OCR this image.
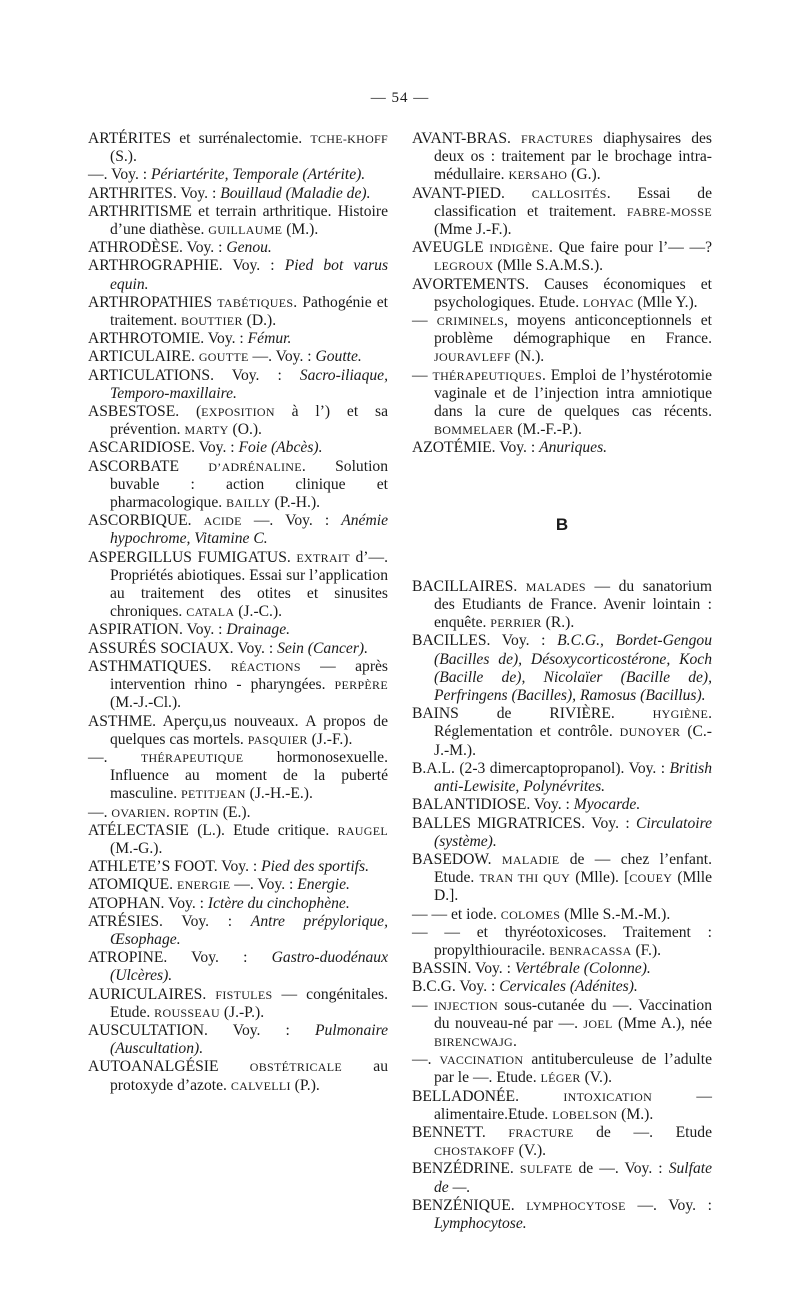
— 54 —

ARTÉRITES et surrénalectomie. TCHE-KHOFF (S.).

—. Voy. : Périartérite, Temporale (Artérite).

ARTHRITES. Voy. : Bouillaud (Maladie de).

ARTHRITISME et terrain arthritique. Histoire d’une diathèse. GUILLAUME (M.).

ATHRODÈSE. Voy. : Genou.

ARTHROGRAPHIE. Voy. : Pied bot varus equin.

ARTHROPATHIES TABÉTIQUES. Pathogénie et traitement. BOUTTIER (D.).

ARTHROTOMIE. Voy. : Fémur.

ARTICULAIRE. GOUTTE —. Voy. : Goutte.

ARTICULATIONS. Voy. : Sacro-iliaque, Temporo-maxillaire.

ASBESTOSE. (EXPOSITION à l’) et sa prévention. MARTY (O.).

ASCARIDIOSE. Voy. : Foie (Abcès).

ASCORBATE D’ADRÉNALINE. Solution buvable : action clinique et pharmacologique. BAILLY (P.-H.).

ASCORBIQUE. ACIDE —. Voy. : Anémie hypochrome, Vitamine C.

ASPERGILLUS FUMIGATUS. EXTRAIT d’—. Propriétés abiotiques. Essai sur l’application au traitement des otites et sinusites chroniques. CATALA (J.-C.).

ASPIRATION. Voy. : Drainage.

ASSURÉS SOCIAUX. Voy. : Sein (Cancer).

ASTHMATIQUES. RÉACTIONS — après intervention rhino - pharyngées. PERPÈRE (M.-J.-Cl.).

ASTHME. Aperçu,us nouveaux. A propos de quelques cas mortels. PASQUIER (J.-F.).

—. THÉRAPEUTIQUE hormonosexuelle. Influence au moment de la puberté masculine. PETITJEAN (J.-H.-E.).

—. OVARIEN. ROPTIN (E.).

ATÉLECTASIE (L.). Etude critique. RAUGEL (M.-G.).

ATHLETE’S FOOT. Voy. : Pied des sportifs.

ATOMIQUE. ENERGIE —. Voy. : Energie.

ATOPHAN. Voy. : Ictère du cinchophène.

ATRÉSIES. Voy. : Antre prépylorique, Œsophage.

ATROPINE. Voy. : Gastro-duodénaux (Ulcères).

AURICULAIRES. FISTULES — congénitales. Etude. ROUSSEAU (J.-P.).

AUSCULTATION. Voy. : Pulmonaire (Auscultation).

AUTOANALGÉSIE OBSTÉTRICALE au protoxyde d’azote. CALVELLI (P.).

AVANT-BRAS. FRACTURES diaphysaires des deux os : traitement par le brochage intra-médullaire. KERSAHO (G.).

AVANT-PIED. CALLOSITÉS. Essai de classification et traitement. FABRE-MOSSE (Mme J.-F.).

AVEUGLE INDIGÈNE. Que faire pour l’— —? LEGROUX (Mlle S.A.M.S.).

AVORTEMENTS. Causes économiques et psychologiques. Etude. LOHYAC (Mlle Y.).

— CRIMINELS, moyens anticonceptionnels et problème démographique en France. JOURAVLEFF (N.).

— THÉRAPEUTIQUES. Emploi de l’hystérotomie vaginale et de l’injection intra amniotique dans la cure de quelques cas récents. BOMMELAER (M.-F.-P.).

AZOTÉMIE. Voy. : Anuriques.

B

BACILLAIRES. MALADES — du sanatorium des Etudiants de France. Avenir lointain : enquête. PERRIER (R.).

BACILLES. Voy. : B.C.G., Bordet-Gengou (Bacilles de), Désoxycorticostérone, Koch (Bacille de), Nicolaïer (Bacille de), Perfringens (Bacilles), Ramosus (Bacillus).

BAINS de RIVIÈRE. HYGIÈNE. Réglementation et contrôle. DUNOYER (C.-J.-M.).

B.A.L. (2-3 dimercaptopropanol). Voy. : British anti-Lewisite, Polynévrites.

BALANTIDIOSE. Voy. : Myocarde.

BALLES MIGRATRICES. Voy. : Circulatoire (système).

BASEDOW. MALADIE de — chez l’enfant. Etude. TRAN THI QUY (Mlle). [COUEY (Mlle D.].

— — et iode. COLOMES (Mlle S.-M.-M.).

— — et thyréotoxicoses. Traitement : propylthiouracile. BENRACASSA (F.).

BASSIN. Voy. : Vertébrale (Colonne).

B.C.G. Voy. : Cervicales (Adénites).

— INJECTION sous-cutanée du —. Vaccination du nouveau-né par —. JOEL (Mme A.), née BIRENCWAJG.

—. VACCINATION antituberculeuse de l’adulte par le —. Etude. LÉGER (V.).

BELLADONÉE. INTOXICATION — alimentaire.Etude. LOBELSON (M.).

BENNETT. FRACTURE de —. Etude CHOSTAKOFF (V.).

BENZÉDRINE. SULFATE de —. Voy. : Sulfate de —.

BENZÉNIQUE. LYMPHOCYTOSE —. Voy. : Lymphocytose.
